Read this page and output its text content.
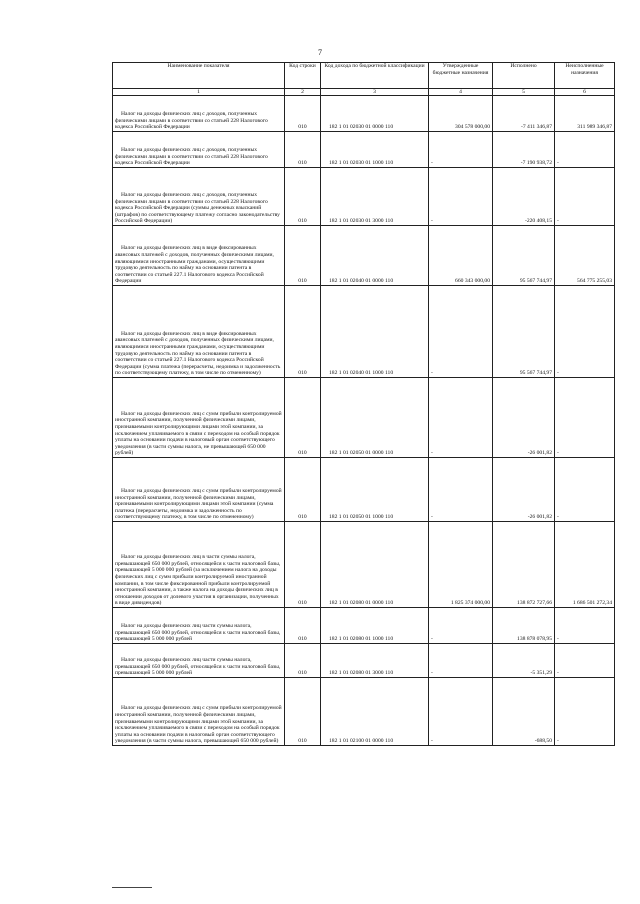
7
Наименование показателя	Код строки	Код дохода по бюджетной классификации	Утвержденные бюджетные назначения	Исполнено	Неисполненные назначения
1	2	3	4	5	6
Налог на доходы физических лиц с доходов, полученных физическими лицами в соответствии со статьей 228 Налогового кодекса Российской Федерации	010	182 1 01 02030 01 0000 110	304 578 000,00	-7 411 346,87	311 989 346,87
Налог на доходы физических лиц с доходов, полученных физическими лицами в соответствии со статьей 228 Налогового кодекса Российской Федерации	010	182 1 01 02030 01 1000 110	-	-7 190 938,72	-
Налог на доходы физических лиц с доходов, полученных физическими лицами в соответствии со статьей 228 Налогового кодекса Российской Федерации (суммы денежных взысканий (штрафов) по соответствующему платежу согласно законодательству Российской Федерации)	010	182 1 01 02030 01 3000 110	-	-220 408,15	-
Налог на доходы физических лиц в виде фиксированных авансовых платежей с доходов, полученных физическими лицами, являющимися иностранными гражданами, осуществляющими трудовую деятельность по найму на основании патента в соответствии со статьей 227.1 Налогового кодекса Российской Федерации	010	182 1 01 02040 01 0000 110	660 343 000,00	95 567 744,97	564 775 255,03
Налог на доходы физических лиц в виде фиксированных авансовых платежей с доходов, полученных физическими лицами, являющимися иностранными гражданами, осуществляющими трудовую деятельность по найму на основании патента в соответствии со статьей 227.1 Налогового кодекса Российской Федерации (сумма платежа (перерасчеты, недоимка и задолженность по соответствующему платежу, в том числе по отмененному)	010	182 1 01 02040 01 1000 110	-	95 567 744,97	-
Налог на доходы физических лиц с сумм прибыли контролируемой иностранной компании, полученной физическими лицами, признаваемыми контролирующими лицами этой компании, за исключением уплачиваемого в связи с переходом на особый порядок уплаты на основании подачи в налоговый орган соответствующего уведомления (в части суммы налога, не превышающей 650 000 рублей)	010	182 1 01 02050 01 0000 110	-	-26 001,82	-
Налог на доходы физических лиц с сумм прибыли контролируемой иностранной компании, полученной физическими лицами, признаваемыми контролирующими лицами этой компании (сумма платежа (перерасчеты, недоимка и задолженность по соответствующему платежу, в том числе по отмененному)	010	182 1 01 02050 01 1000 110	-	-26 001,82	-
Налог на доходы физических лиц в части суммы налога, превышающей 650 000 рублей, относящейся к части налоговой базы, превышающей 5 000 000 рублей (за исключением налога на доходы физических лиц с сумм прибыли контролируемой иностранной компании, в том числе фиксированной прибыли контролируемой иностранной компании, а также налога на доходы физических лиц в отношении доходов от долевого участия в организации, полученных в виде дивидендов)	010	182 1 01 02080 01 0000 110	1 825 374 000,00	138 872 727,66	1 686 501 272,34
Налог на доходы физических лиц части суммы налога, превышающей 650 000 рублей, относящейся к части налоговой базы, превышающей 5 000 000 рублей	010	182 1 01 02080 01 1000 110	-	138 878 078,95	-
Налог на доходы физических лиц части суммы налога, превышающей 650 000 рублей, относящейся к части налоговой базы, превышающей 5 000 000 рублей	010	182 1 01 02080 01 3000 110	-	-5 351,29	-
Налог на доходы физических лиц с сумм прибыли контролируемой иностранной компании, полученной физическими лицами, признаваемыми контролирующими лицами этой компании, за исключением уплачиваемого в связи с переходом на особый порядок уплаты на основании подачи в налоговый орган соответствующего уведомления (в части суммы налога, превышающей 650 000 рублей)	010	182 1 01 02100 01 0000 110	-	-688,50	-
